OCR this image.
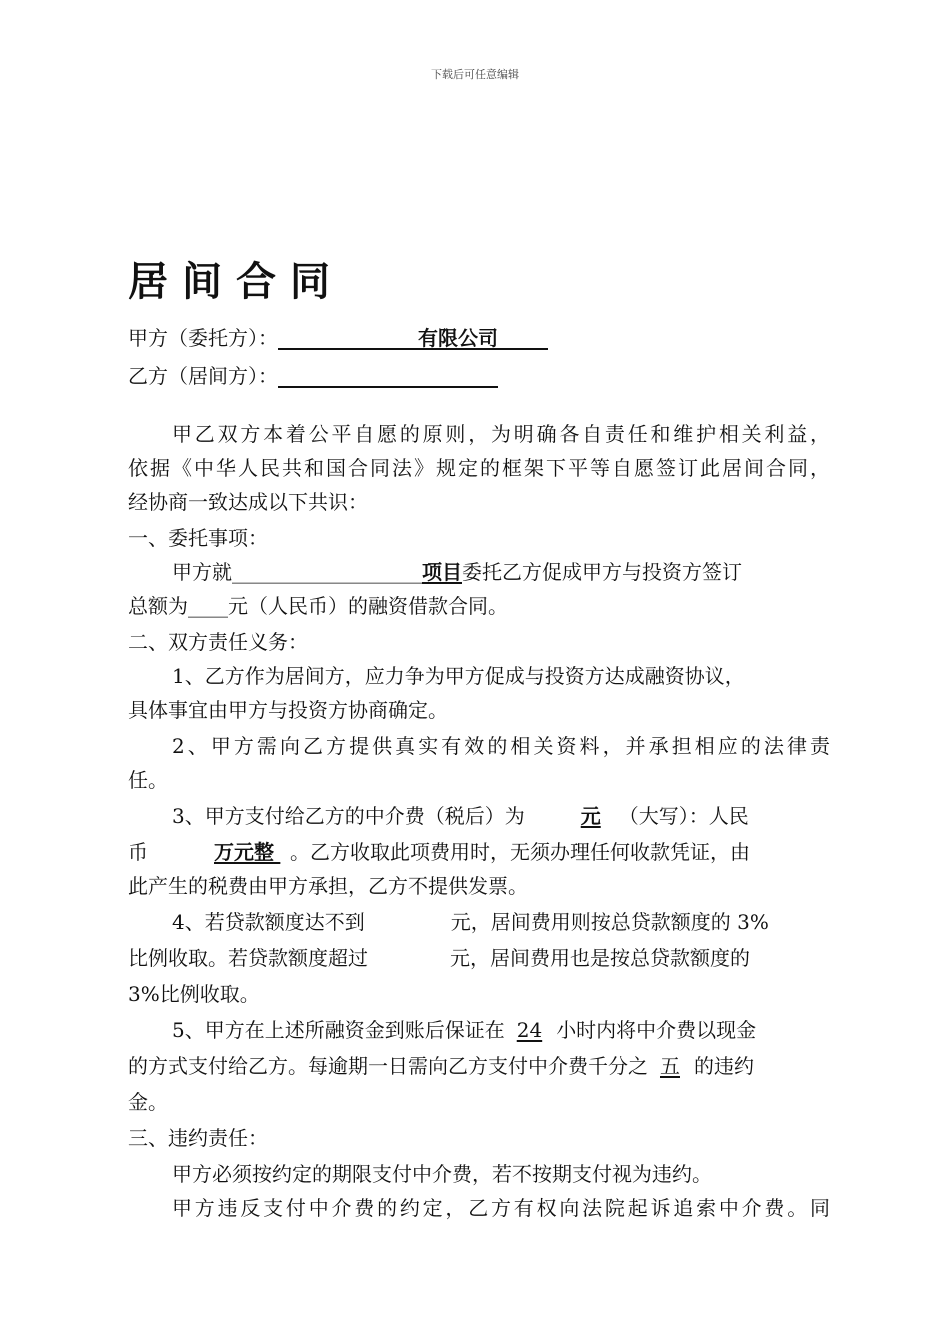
下载后可任意编辑
居间合同
甲方（委托方）：______________有限公司_____
乙方（居间方）：______________________
甲乙双方本着公平自愿的原则，为明确各自责任和维护相关利益，
依据《中华人民共和国合同法》规定的框架下平等自愿签订此居间合同，
经协商一致达成以下共识：
一、委托事项：
甲方就___________________项目委托乙方促成甲方与投资方签订
总额为____元（人民币）的融资借款合同。
二、双方责任义务：
1、乙方作为居间方，应力争为甲方促成与投资方达成融资协议，
具体事宜由甲方与投资方协商确定。
2、甲方需向乙方提供真实有效的相关资料，并承担相应的法律责
任。
3、甲方支付给乙方的中介费（税后）为	元 （大写）：人民
币	万元整 。乙方收取此项费用时，无须办理任何收款凭证，由
此产生的税费由甲方承担，乙方不提供发票。
4、若贷款额度达不到	元，居间费用则按总贷款额度的 3%
比例收取。若贷款额度超过	元，居间费用也是按总贷款额度的
3%比例收取。
5、甲方在上述所融资金到账后保证在 24 小时内将中介费以现金
的方式支付给乙方。每逾期一日需向乙方支付中介费千分之 五 的违约
金。
三、违约责任：
甲方必须按约定的期限支付中介费，若不按期支付视为违约。
甲方违反支付中介费的约定，乙方有权向法院起诉追索中介费。同
